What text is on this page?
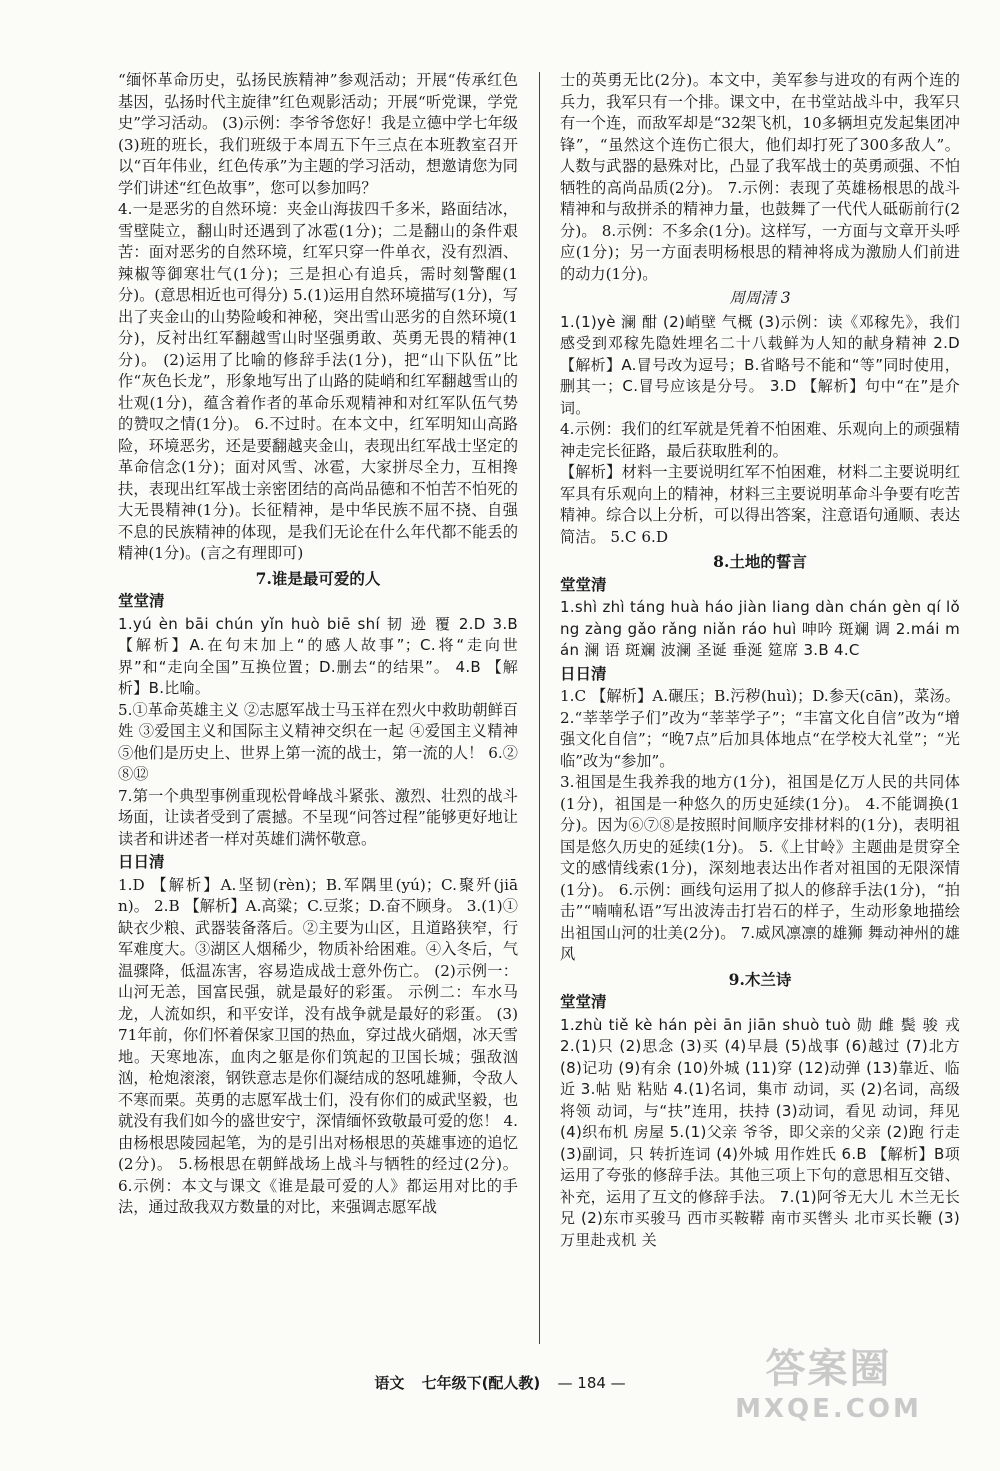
“缅怀革命历史，弘扬民族精神”参观活动；开展“传承红色基因，弘扬时代主旋律”红色观影活动；开展“听党课，学党史”学习活动。 (3)示例：李爷爷您好！我是立德中学七年级(3)班的班长，我们班级于本周五下午三点在本班教室召开以“百年伟业，红色传承”为主题的学习活动，想邀请您为同学们讲述“红色故事”，您可以参加吗？

4.一是恶劣的自然环境：夹金山海拔四千多米，路面结冰，雪壁陡立，翻山时还遇到了冰雹(1分)；二是翻山的条件艰苦：面对恶劣的自然环境，红军只穿一件单衣，没有烈酒、辣椒等御寒壮气(1分)；三是担心有追兵，需时刻警醒(1分)。(意思相近也可得分) 5.(1)运用自然环境描写(1分)，写出了夹金山的山势险峻和神秘，突出雪山恶劣的自然环境(1分)，反衬出红军翻越雪山时坚强勇敢、英勇无畏的精神(1分)。 (2)运用了比喻的修辞手法(1分)，把“山下队伍”比作“灰色长龙”，形象地写出了山路的陡峭和红军翻越雪山的壮观(1分)，蕴含着作者的革命乐观精神和对红军队伍气势的赞叹之情(1分)。 6.不过时。在本文中，红军明知山高路险，环境恶劣，还是要翻越夹金山，表现出红军战士坚定的革命信念(1分)；面对风雪、冰雹，大家拼尽全力，互相搀扶，表现出红军战士亲密团结的高尚品德和不怕苦不怕死的大无畏精神(1分)。长征精神，是中华民族不屈不挠、自强不息的民族精神的体现，是我们无论在什么年代都不能丢的精神(1分)。(言之有理即可)

7.谁是最可爱的人

堂堂清

1.yú èn bāi chún yǐn huò biē shí 韧 逊 覆 2.D 3.B 【解析】A.在句末加上“的感人故事”；C.将“走向世界”和“走向全国”互换位置；D.删去“的结果”。 4.B 【解析】B.比喻。

5.①革命英雄主义 ②志愿军战士马玉祥在烈火中救助朝鲜百姓 ③爱国主义和国际主义精神交织在一起 ④爱国主义精神 ⑤他们是历史上、世界上第一流的战士，第一流的人！ 6.②⑧⑫

7.第一个典型事例重现松骨峰战斗紧张、激烈、壮烈的战斗场面，让读者受到了震撼。不呈现“问答过程”能够更好地让读者和讲述者一样对英雄们满怀敬意。

日日清

1.D 【解析】A.坚韧(rèn)；B.军隅里(yú)；C.聚歼(jiān)。 2.B 【解析】A.高粱；C.豆浆；D.奋不顾身。 3.(1)①缺衣少粮、武器装备落后。②主要为山区，且道路狭窄，行军难度大。③湖区人烟稀少，物质补给困难。④入冬后，气温骤降，低温冻害，容易造成战士意外伤亡。 (2)示例一：山河无恙，国富民强，就是最好的彩蛋。 示例二：车水马龙，人流如织，和平安详，没有战争就是最好的彩蛋。 (3)71年前，你们怀着保家卫国的热血，穿过战火硝烟，冰天雪地。天寒地冻，血肉之躯是你们筑起的卫国长城；强敌汹汹，枪炮滚滚，钢铁意志是你们凝结成的怒吼雄狮，令敌人不寒而栗。英勇的志愿军战士们，没有你们的威武坚毅，也就没有我们如今的盛世安宁，深情缅怀致敬最可爱的您！ 4.由杨根思陵园起笔，为的是引出对杨根思的英雄事迹的追忆(2分)。 5.杨根思在朝鲜战场上战斗与牺牲的经过(2分)。 6.示例：本文与课文《谁是最可爱的人》都运用对比的手法，通过敌我双方数量的对比，来强调志愿军战

士的英勇无比(2分)。本文中，美军参与进攻的有两个连的兵力，我军只有一个排。课文中，在书堂站战斗中，我军只有一个连，而敌军却是“32架飞机，10多辆坦克发起集团冲锋”，“虽然这个连伤亡很大，他们却打死了300多敌人”。人数与武器的悬殊对比，凸显了我军战士的英勇顽强、不怕牺牲的高尚品质(2分)。 7.示例：表现了英雄杨根思的战斗精神和与敌拼杀的精神力量，也鼓舞了一代代人砥砺前行(2分)。 8.示例：不多余(1分)。这样写，一方面与文章开头呼应(1分)；另一方面表明杨根思的精神将成为激励人们前进的动力(1分)。

周周清 3

1.(1)yè 澜 酣 (2)峭壁 气概 (3)示例：读《邓稼先》，我们感受到邓稼先隐姓埋名二十八载鲜为人知的献身精神 2.D 【解析】A.冒号改为逗号；B.省略号不能和“等”同时使用，删其一；C.冒号应该是分号。 3.D 【解析】句中“在”是介词。

4.示例：我们的红军就是凭着不怕困难、乐观向上的顽强精神走完长征路，最后获取胜利的。

【解析】材料一主要说明红军不怕困难，材料二主要说明红军具有乐观向上的精神，材料三主要说明革命斗争要有吃苦精神。综合以上分析，可以得出答案，注意语句通顺、表达简洁。 5.C 6.D

8.土地的誓言

堂堂清

1.shì zhì táng huà háo jiàn liang dàn chán gèn qí lǒng zàng gǎo rǎng niǎn ráo huì 呻吟 斑斓 调 2.mái mán 澜 语 斑斓 波澜 圣诞 垂涎 筵席 3.B 4.C

日日清

1.C 【解析】A.碾压；B.污秽(huì)；D.参天(cān)，菜汤。 2.“莘莘学子们”改为“莘莘学子”；“丰富文化自信”改为“增强文化自信”；“晚7点”后加具体地点“在学校大礼堂”；“光临”改为“参加”。

3.祖国是生我养我的地方(1分)，祖国是亿万人民的共同体(1分)，祖国是一种悠久的历史延续(1分)。 4.不能调换(1分)。因为⑥⑦⑧是按照时间顺序安排材料的(1分)，表明祖国是悠久历史的延续(1分)。 5.《上甘岭》主题曲是贯穿全文的感情线索(1分)，深刻地表达出作者对祖国的无限深情(1分)。 6.示例：画线句运用了拟人的修辞手法(1分)，“拍击”“喃喃私语”写出波涛击打岩石的样子，生动形象地描绘出祖国山河的壮美(2分)。 7.威风凛凛的雄狮 舞动神州的雄风

9.木兰诗

堂堂清

1.zhù tiě kè hán pèi ān jiān shuò tuò 勋 雌 鬓 骏 戎 2.(1)只 (2)思念 (3)买 (4)早晨 (5)战事 (6)越过 (7)北方 (8)记功 (9)有余 (10)外城 (11)穿 (12)动弹 (13)靠近、临近 3.帖 贴 粘贴 4.(1)名词，集市 动词，买 (2)名词，高级将领 动词，与“扶”连用，扶持 (3)动词，看见 动词，拜见 (4)织布机 房屋 5.(1)父亲 爷爷，即父亲的父亲 (2)跑 行走 (3)副词，只 转折连词 (4)外城 用作姓氏 6.B 【解析】B项运用了夸张的修辞手法。其他三项上下句的意思相互交错、补充，运用了互文的修辞手法。 7.(1)阿爷无大儿 木兰无长兄 (2)东市买骏马 西市买鞍鞯 南市买辔头 北市买长鞭 (3)万里赴戎机 关

语文 七年级下(配人教) — 184 —	答案圈
MXQE.COM
